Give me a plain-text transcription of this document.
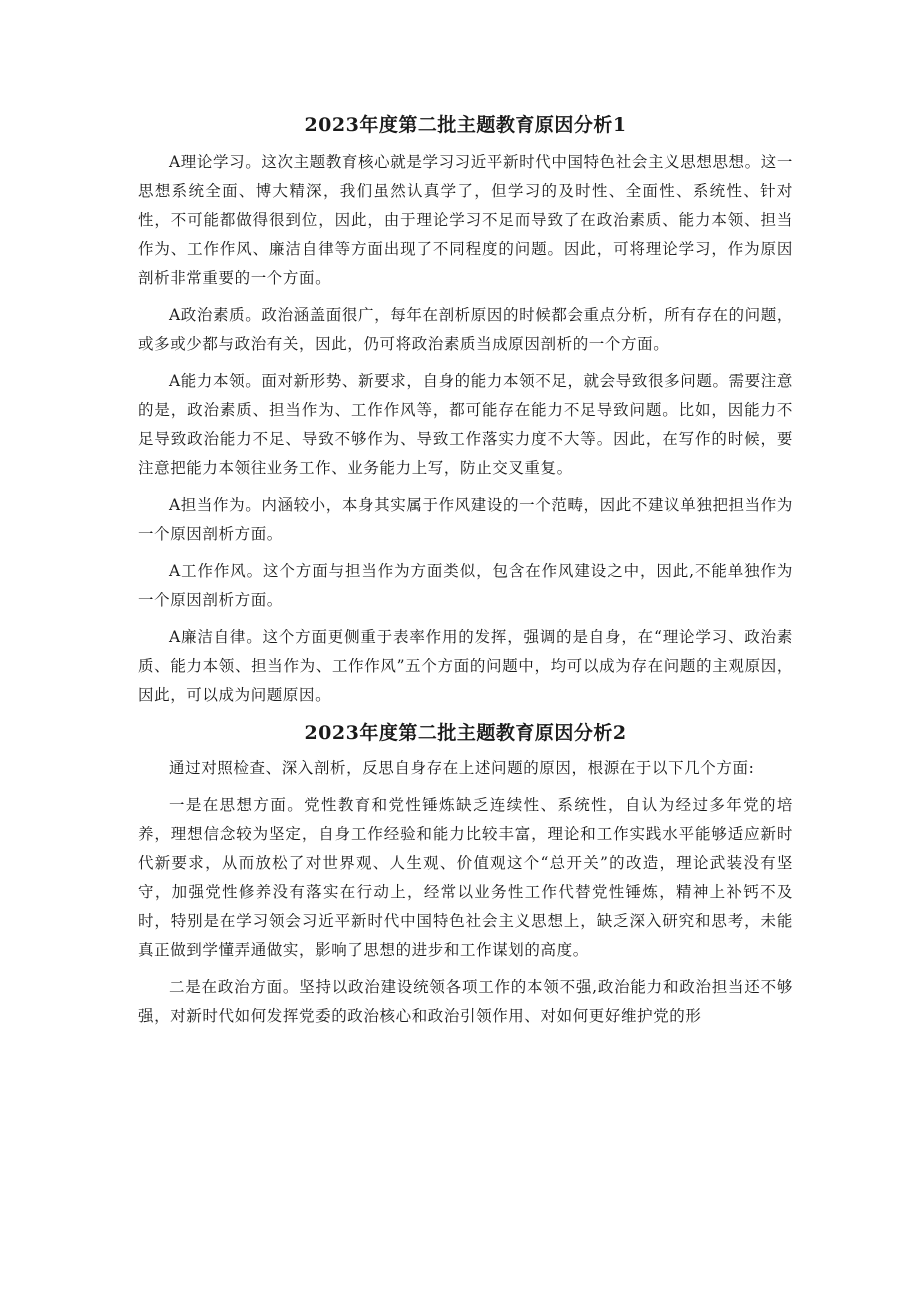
2023年度第二批主题教育原因分析1

A理论学习。这次主题教育核心就是学习习近平新时代中国特色社会主义思想思想。这一思想系统全面、博大精深，我们虽然认真学了，但学习的及时性、全面性、系统性、针对性，不可能都做得很到位，因此，由于理论学习不足而导致了在政治素质、能力本领、担当作为、工作作风、廉洁自律等方面出现了不同程度的问题。因此，可将理论学习，作为原因剖析非常重要的一个方面。

A政治素质。政治涵盖面很广，每年在剖析原因的时候都会重点分析，所有存在的问题，或多或少都与政治有关，因此，仍可将政治素质当成原因剖析的一个方面。

A能力本领。面对新形势、新要求，自身的能力本领不足，就会导致很多问题。需要注意的是，政治素质、担当作为、工作作风等，都可能存在能力不足导致问题。比如，因能力不足导致政治能力不足、导致不够作为、导致工作落实力度不大等。因此，在写作的时候，要注意把能力本领往业务工作、业务能力上写，防止交叉重复。

A担当作为。内涵较小，本身其实属于作风建设的一个范畴，因此不建议单独把担当作为一个原因剖析方面。

A工作作风。这个方面与担当作为方面类似，包含在作风建设之中，因此,不能单独作为一个原因剖析方面。

A廉洁自律。这个方面更侧重于表率作用的发挥，强调的是自身，在“理论学习、政治素质、能力本领、担当作为、工作作风”五个方面的问题中，均可以成为存在问题的主观原因，因此，可以成为问题原因。

2023年度第二批主题教育原因分析2

通过对照检查、深入剖析，反思自身存在上述问题的原因，根源在于以下几个方面:

一是在思想方面。党性教育和党性锤炼缺乏连续性、系统性，自认为经过多年党的培养，理想信念较为坚定，自身工作经验和能力比较丰富，理论和工作实践水平能够适应新时代新要求，从而放松了对世界观、人生观、价值观这个“总开关”的改造，理论武装没有坚守，加强党性修养没有落实在行动上，经常以业务性工作代替党性锤炼，精神上补钙不及时，特别是在学习领会习近平新时代中国特色社会主义思想上，缺乏深入研究和思考，未能真正做到学懂弄通做实，影响了思想的进步和工作谋划的高度。

二是在政治方面。坚持以政治建设统领各项工作的本领不强,政治能力和政治担当还不够强，对新时代如何发挥党委的政治核心和政治引领作用、对如何更好维护党的形
